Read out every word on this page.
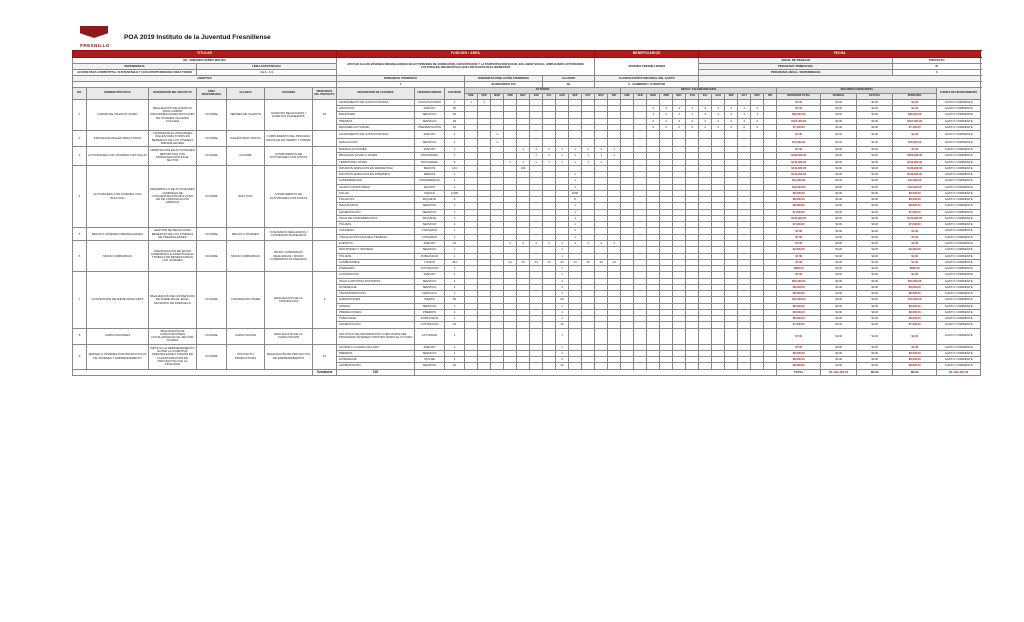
FRESNILLO
POA 2019 Instituto de la Juventud Fresnillense
TITULAR							FUNCIÓN / ÁREA													BENEFICIARIOS								FECHA											
MC. ARMANDO NÚÑEZ MOLINA							APOYAR AL/LOS JÓVENES FRESNILLENSES EN ACTIVIDADES DE FORMACIÓN, CAPACITACIÓN Y LA PARTICIPACIÓN SOCIAL EN LABOR SOCIAL, EMPLEANDO ACTIVIDADES CULTURALES, RECREATIVAS QUE FORTALEZCAN EL BIENESTAR													JÓVENES FRESNILLENSES								ANUAL DE TRABAJO									PROYECTO		
DEPENDENCIA			LÍNEA ESTRATÉGICA																									PROGRAMA TRIMESTRAL									III		
ACCIÓN PARA COMPETITIVA, SUSTENTABLE Y CON OPORTUNIDADES PARA TODOS			4.1.1.- 4.4																									PROGRAMA ANUAL / DEPENDENCIA									4		
OBJETIVO							DEMANDAS ATENDIDAS			DEMANDAS POBLACIÓN ATENDIDOS						ALCANCE				CLASIFICACIÓN FUNCIONAL DEL GASTO																			
							7			BLINDANDOS 100						NL				2 - GOBIERNO / JUVENTUD																			
NO.	NOMBRE PROYECTO	DESCRIPCIÓN DEL PROYECTO	ÁREA RESPONSABLE	ALCANCE	ACCIONES	PROPUESTA DEL PROYECTO	DESCRIPCIÓN DE ACCIONES	UNIDADES MEDIDA	CANTIDAD	ACTIVIDAD												METAS / CALENDARIZACIÓN												RECURSOS FINANCIEROS				FUENTE DE FINANCIAMIENTO	
										ENE	FEB	MAR	ABR	MAY	JUN	JUL	AGO	SEP	OCT	NOV	DIC	ENE	FEB	MAR	ABR	MAY	JUN	JUL	AGO	SEP	OCT	NOV	DIC	INVERSIÓN TOTAL	FEDERAL	ESTATAL	MUNICIPAL		
1	UNIDAD DE TALENTO JOVEN	REALIZACIÓN DE EVENTOS PARA CUBRIR PROGRAMACIONES BUSCALES DE JÓVENES VALAMOS LOCALES	INJUFRE	VIERNES DE TALENTO	EVENTOS REALIZADOS / EVENTOS PLANEADOS	20	LANZAMIENTO DE CONVOCATORIA	CONVOCATORIA	1	1	1																							$7.00	$0.00	$0.00	$1.00	GASTO CORRIENTE	
							ANUNCIOS	EVENTO	20															4	4	4	4	4	4	4	4	4		$7.00	$0.00	$0.00	$1.00	GASTO CORRIENTE	
							BOLETINES	SERVICIO	20															4	4	4	4	4	4	4	4	4		$36,000.00	$0.00	$0.00	$36,000.00	GASTO CORRIENTE	
							PREMIOS	SERVICIO	20															4	4	4	4	4	4	4	4	4		$197,000.00	$0.00	$0.00	$197,000.00	GASTO CORRIENTE	
							RESUMEN ACTIVIDAD	PRESENTACIÓN	10															2	2	2	2	2	2	2	2	2		$7,400.00	$0.00	$0.00	$7,400.00	GASTO CORRIENTE	
2	PROGRAMA INGLÉS PARA TODOS	COORDINAR EL PROGRAMA INGLÉS PARA TODOS EN BENEFICIO DE LOS JÓVENES FRESNILLENSES	INJUFRE	INGLÉS PARA TODOS	CUMPLIMIENTO DEL PROCESO ESCOLAR EN TIEMPO Y FORMA		LANZAMIENTO DE CONVOCATORIA	EVENTO	1			1																						$7.00	$0.00	$0.00	$1.00	GASTO CORRIENTE	
							EVALUACIÓN	SERVICIO	1			1																						$70,000.00	$0.00	$0.00	$70,000.00	GASTO CORRIENTE	
3	ACTIVIDADES CON JÓVENES CON SALUD	ORIENTACIÓN EN ACTIVIDADES DEPORTIVAS CON PROGRAMACIÓN EN EL SECTOR	INJUFRE	INJUFRE	CUMPLIMIENTO DE ACTIVIDADES CONJUNTAS		BUENAS ACCIONES	EVENTO	1					1	1	1	1	1	1	1	1													$7.00	$0.00	$0.00	$1.00	GASTO CORRIENTE	
							BRIGADAS JOVEN A JOVEN	PROGRAMA	7						1	1	1	1	1	1	1													$460,000.00	$0.00	$0.00	$460,000.00	GASTO CORRIENTE	
							TERRITORIO JOVEN	PROGRAMA	6				1	1	1	1	1	1	1	1														$140,000.00	$0.00	$0.00	$140,000.00	GASTO CORRIENTE	
4	ACTIVIDADES CON JÓVENES CON BULLYING	DESARROLLO DE ACTIVIDADES CAMPAÑAS DE CONCIENTIZACIÓN BULLYING EN DE COMUNICACIÓN ARRAIGO	INJUFRE	BULLYING	CUMPLIMIENTO DE ACTIVIDADES CONJUNTAS		DIFUSIÓN (ESPACIOS EN MARKETING)	MEDIOS	144					144																				$140,000.00	$0.00	$0.00	$140,000.00	GASTO CORRIENTE	
							DIFUSIÓN (ESPACIOS EN INTERNET)	MEDIOS	1									1																$140,000.00	$0.00	$0.00	$140,000.00	GASTO CORRIENTE	
							CONFERENCIAS	CONFERENCIA	1									1																$14,000.00	$0.00	$0.00	$14,000.00	GASTO CORRIENTE	
							ALIADO (MONITOREO)	EQUIPO	1									1																$19,000.00	$0.00	$0.00	$19,000.00	GASTO CORRIENTE	
							SILLAS	PIEZAS	3,000									3000																$8,000.00	$0.00	$0.00	$8,000.00	GASTO CORRIENTE	
							FOLLETOS	PAQUETE	8									8																$8,000.00	$0.00	$0.00	$8,000.00	GASTO CORRIENTE	
							MAQUILADOS	SERVICIO	1									1																$8,000.00	$0.00	$0.00	$8,000.00	GASTO CORRIENTE	
							ALIMENTACIÓN	SERVICIO	1									1																$7,000.00	$0.00	$0.00	$7,000.00	GASTO CORRIENTE	
							PAGO DE CONFERENCISTA	PAQUETE	1									1																$140,000.00	$0.00	$0.00	$140,000.00	GASTO CORRIENTE	
							PÓLIZAS	SERVICIO	1									1																$7,000.00	$0.00	$0.00	$7,000.00	GASTO CORRIENTE	
5	BECAS A JÓVENES FRESNILLENSES	GESTIÓN DE BECAS PARA BENEFICIO DE LOS JÓVENES DE FRESNILLENSES	INJUFRE	BECAS A JÓVENES	CONVENIOS REALIZADOS / CONVENIOS PLANEADOS		CONVENIO	CONVENIO	1									1																$7.00	$0.00	$0.00	$1.00	GASTO CORRIENTE	
							VINCULACIÓN ESCUELA-TRABAJO	CONVENIO	1									1																$7.00	$0.00	$0.00	$1.00	GASTO CORRIENTE	
6	MICRO COMPARSAS	ORGANIZACIÓN DE MICRO COMPARSAS E INCENTIVAR EL TRABAJO DE BENEFICIARIAS LOS JÓVENES	INJUFRE	MICRO COMPARSAS	MICRO COMPARSAS REALIZADAS / MICRO COMPARSAS PLANEADAS		EVENTOS	EVENTO	44				4	4	4	4	4	4	4	4	4													$7.00	$0.00	$0.00	$1.00	GASTO CORRIENTE	
							MONITOREO Y SISTEMA	SERVICIO	1								1																	$3,000.00	$0.00	$0.00	$3,000.00	GASTO CORRIENTE	
							PÓLIZAS	PUBLICIDAD	1								1																	$7.00	$0.00	$0.00	$1.00	GASTO CORRIENTE	
							COMBUSTIBLE	LITROS	444				44	44	44	44	44	44	44	44	44													$7.00	$0.00	$0.00	$1.00	GASTO CORRIENTE	
							PAPELERÍA	COTIZACIÓN	1								1																	$800.00	$0.00	$0.00	$800.00	GASTO CORRIENTE	
7	CONVENCIÓN DE ANIME ANIMA FEST	REALIZACIÓN DE CONVENCIÓN DE ANIME ANUAL EN EL MUNICIPIO DE FRESNILLO	INJUFRE	CONVENCIÓN ANIME	REALIZACIÓN DE LA CONVENCIÓN	4	CONVENCIÓN	EVENTO	1								1																	$7.00	$0.00	$0.00	$1.00	GASTO CORRIENTE	
							PAGO A ARTISTAS INVITADOS	SERVICIO	4								4																	$50,000.00	$0.00	$0.00	$50,000.00	GASTO CORRIENTE	
							HOSPEDAJE	SERVICIO	4								4																	$8,000.00	$0.00	$0.00	$8,000.00	GASTO CORRIENTE	
							TRANSPORTACIÓN	VEHÍCULO	1								1																	$8,000.00	$0.00	$0.00	$8,000.00	GASTO CORRIENTE	
							HABITACIONES	PIEZAS	60								60																	$10,000.00	$0.00	$0.00	$10,000.00	GASTO CORRIENTE	
							SONIDO	SERVICIO	1								1																	$8,000.00	$0.00	$0.00	$8,000.00	GASTO CORRIENTE	
							PREMIACIONES	PREMIOS	1								1																	$8,000.00	$0.00	$0.00	$8,000.00	GASTO CORRIENTE	
							PUBLICIDAD	PUBLICIDAD	1								1																	$8,000.00	$0.00	$0.00	$8,000.00	GASTO CORRIENTE	
							ALIMENTACIÓN	COTIZACIÓN	16								16																	$7,000.00	$0.00	$0.00	$7,000.00	GASTO CORRIENTE	
8	CAPACITACIONES	REALIZACIÓN DE CAPACITACIONES FOCALIZADAS EN EL SECTOR JUVENIL	INJUFRE	CAPACITACIÓN	REALIZACIÓN DE LA CAPACITACIÓN		SOLICITUD DE INFORMACIÓN COMO PARTE DEL PROGRAMA JÓVENES CONSTRUYENDO EL FUTURO	ACTIVIDAD	1								1																	$7.00	$0.00	$0.00	$1.00	GASTO CORRIENTE	
9	EMPLEO A JÓVENES POR PRODUCTIVOS DE JÓVENES Y EMPRENDIMIENTO	IMPULSO AL EMPRENDIMIENTO ENTRE LA JUVENTUD FRESNILLENSE A TRAVÉS DE LA PARTICIPACIÓN EN PROYECTOS CON LA FINALIDAD	INJUFRE	PROYECTO PRODUCTIVOS	REALIZACIÓN DE PROYECTOS DE EMPRENDIMIENTO	10	ACUDIR A LA FERIA DE LARO	EVENTO	1								1																	$7.00	$0.00	$0.00	$1.00	GASTO CORRIENTE	
							PREMIOS	SERVICIO	1								1																	$8,000.00	$0.00	$0.00	$8,000.00	GASTO CORRIENTE	
							HOSPEDAJE	NOCHE	4								4																	$8,000.00	$0.00	$0.00	$8,000.00	GASTO CORRIENTE	
							ALIMENTACIÓN	SERVICIO	16								16																	$8,000.00	$0.00	$0.00	$8,000.00	GASTO CORRIENTE	
						Sumatoria	100																											TOTAL	$1,190,406.00	$0.00	$0.00	$1,190,405.00	
